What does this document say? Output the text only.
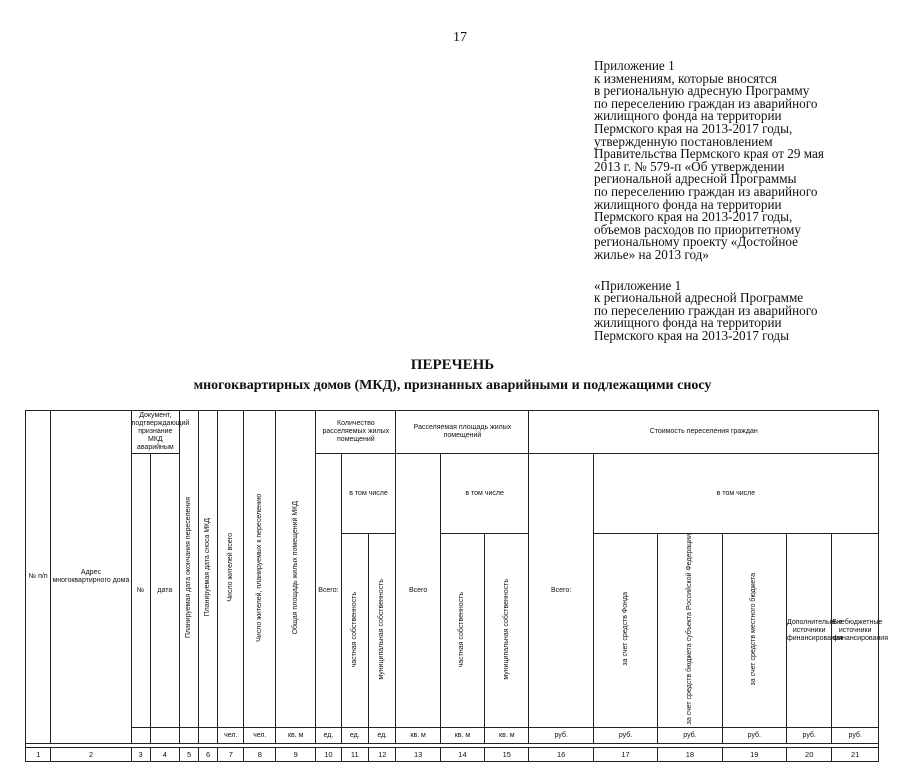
17
Приложение 1
к изменениям, которые вносятся
в региональную адресную Программу
по переселению граждан из аварийного
жилищного фонда на территории
Пермского края на 2013-2017 годы,
утвержденную постановлением
Правительства Пермского края от 29 мая
2013 г. № 579-п «Об утверждении
региональной адресной Программы
по переселению граждан из аварийного
жилищного фонда на территории
Пермского края на 2013-2017 годы,
объемов расходов по приоритетному
региональному проекту «Достойное
жилье» на 2013 год»
«Приложение 1
к региональной адресной Программе
по переселению граждан из аварийного
жилищного фонда на территории
Пермского края на 2013-2017 годы
ПЕРЕЧЕНЬ
многоквартирных домов (МКД), признанных аварийными и подлежащими сносу
№ п/п	Адрес многоквартирного дома	Документ, подтверждающий признание МКД аварийным		Планируемая дата окончания переселения	Планируемая дата сноса МКД	Число жителей всего	Число жителей, планируемых к переселению	Общая площадь жилых помещений МКД	Количество расселяемых жилых помещений			Расселяемая площадь жилых помещений			Стоимость переселения граждан					
		№	дата																	
									Всего:	в том числе		Всего	в том числе		Всего:	в том числе				
										частная собственность	муниципальная собственность		частная собственность	муниципальная собственность		за счет средств Фонда	за счет средств бюджета субъекта Российской Федерации	за счет средств местного бюджета	Дополнительные источники финансирования	Внебюджетные источники финансирования
						чел.	чел.	кв. м	ед.	ед.	ед.	кв. м	кв. м	кв. м	руб.	руб.	руб.	руб.	руб.	руб.

1	2	3	4	5	6	7	8	9	10	11	12	13	14	15	16	17	18	19	20	21
